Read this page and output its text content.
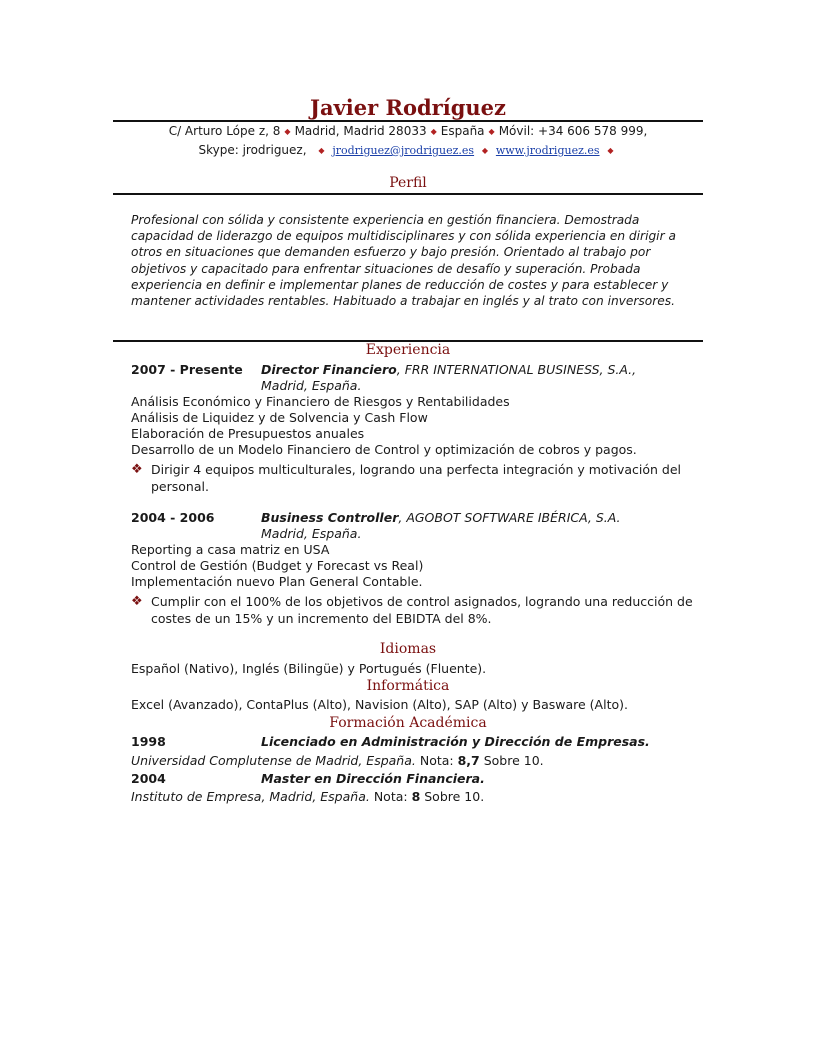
Javier Rodríguez
C/ Arturo Lópe z, 8 ◆ Madrid, Madrid 28033 ◆ España ◆ Móvil: +34 606 578 999,
Skype: jrodriguez, ◆ jrodriguez@jrodriguez.es ◆ www.jrodriguez.es ◆
Perfil
Profesional con sólida y consistente experiencia en gestión financiera. Demostrada capacidad de liderazgo de equipos multidisciplinares y con sólida experiencia en dirigir a otros en situaciones que demanden esfuerzo y bajo presión. Orientado al trabajo por objetivos y capacitado para enfrentar situaciones de desafío y superación. Probada experiencia en definir e implementar planes de reducción de costes y para establecer y mantener actividades rentables. Habituado a trabajar en inglés y al trato con inversores.
Experiencia
2007 - Presente Director Financiero, FRR INTERNATIONAL BUSINESS, S.A.,
Madrid, España.
Análisis Económico y Financiero de Riesgos y Rentabilidades
Análisis de Liquidez y de Solvencia y Cash Flow
Elaboración de Presupuestos anuales
Desarrollo de un Modelo Financiero de Control y optimización de cobros y pagos.
❖ Dirigir 4 equipos multiculturales, logrando una perfecta integración y motivación del personal.
2004 - 2006	Business Controller, AGOBOT SOFTWARE IBÉRICA, S.A.
Madrid, España.
Reporting a casa matriz en USA
Control de Gestión (Budget y Forecast vs Real)
Implementación nuevo Plan General Contable.
❖ Cumplir con el 100% de los objetivos de control asignados, logrando una reducción de costes de un 15% y un incremento del EBIDTA del 8%.
Idiomas
Español (Nativo), Inglés (Bilingüe) y Portugués (Fluente).
Informática
Excel (Avanzado), ContaPlus (Alto), Navision (Alto), SAP (Alto) y Basware (Alto).
Formación Académica
1998	Licenciado en Administración y Dirección de Empresas.
Universidad Complutense de Madrid, España. Nota: 8,7 Sobre 10.
2004	Master en Dirección Financiera.
Instituto de Empresa, Madrid, España. Nota: 8 Sobre 10.
